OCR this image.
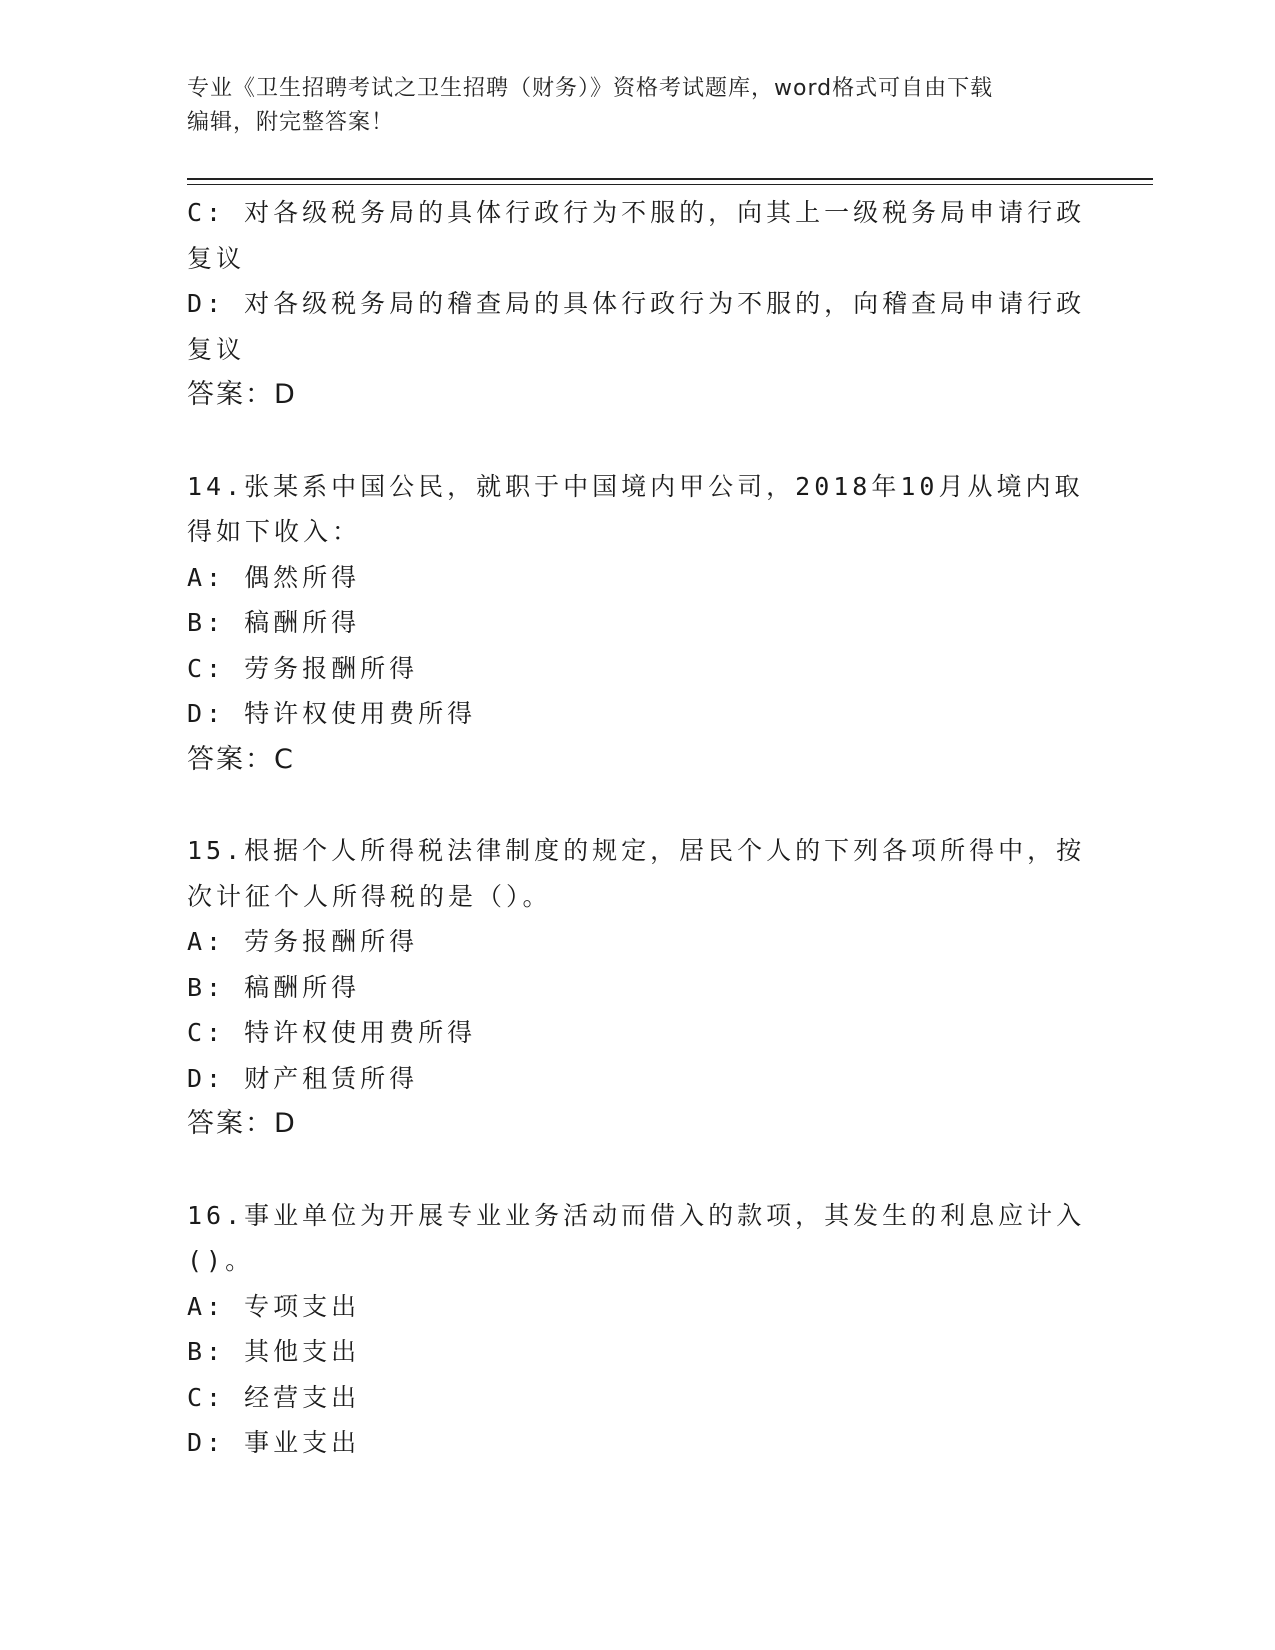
专业《卫生招聘考试之卫生招聘（财务）》资格考试题库，word格式可自由下载
编辑，附完整答案！
C: 对各级税务局的具体行政行为不服的，向其上一级税务局申请行政
复议
D: 对各级税务局的稽查局的具体行政行为不服的，向稽查局申请行政
复议
答案：D
14.张某系中国公民，就职于中国境内甲公司，2018年10月从境内取
得如下收入：
A: 偶然所得
B: 稿酬所得
C: 劳务报酬所得
D: 特许权使用费所得
答案：C
15.根据个人所得税法律制度的规定，居民个人的下列各项所得中，按
次计征个人所得税的是（）。
A: 劳务报酬所得
B: 稿酬所得
C: 特许权使用费所得
D: 财产租赁所得
答案：D
16.事业单位为开展专业业务活动而借入的款项，其发生的利息应计入
()。
A: 专项支出
B: 其他支出
C: 经营支出
D: 事业支出
